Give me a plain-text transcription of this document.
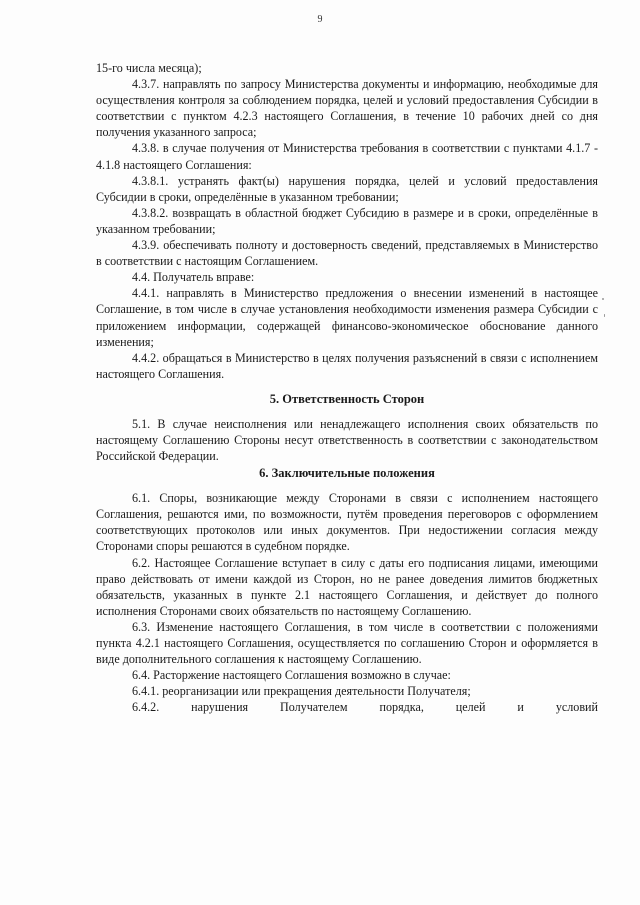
9

15-го числа месяца);

4.3.7. направлять по запросу Министерства документы и информацию, необходимые для осуществления контроля за соблюдением порядка, целей и условий предоставления Субсидии в соответствии с пунктом 4.2.3 настоящего Соглашения, в течение 10 рабочих дней со дня получения указанного запроса;

4.3.8. в случае получения от Министерства требования в соответствии с пунктами 4.1.7 - 4.1.8 настоящего Соглашения:

4.3.8.1. устранять факт(ы) нарушения порядка, целей и условий предоставления Субсидии в сроки, определённые в указанном требовании;

4.3.8.2. возвращать в областной бюджет Субсидию в размере и в сроки, определённые в указанном требовании;

4.3.9. обеспечивать полноту и достоверность сведений, представляемых в Министерство в соответствии с настоящим Соглашением.

4.4. Получатель вправе:

4.4.1. направлять в Министерство предложения о внесении изменений в настоящее Соглашение, в том числе в случае установления необходимости изменения размера Субсидии с приложением информации, содержащей финансово-экономическое обоснование данного изменения;

4.4.2. обращаться в Министерство в целях получения разъяснений в связи с исполнением настоящего Соглашения.

5. Ответственность Сторон

5.1. В случае неисполнения или ненадлежащего исполнения своих обязательств по настоящему Соглашению Стороны несут ответственность в соответствии с законодательством Российской Федерации.

6. Заключительные положения

6.1. Споры, возникающие между Сторонами в связи с исполнением настоящего Соглашения, решаются ими, по возможности, путём проведения переговоров с оформлением соответствующих протоколов или иных документов. При недостижении согласия между Сторонами споры решаются в судебном порядке.

6.2. Настоящее Соглашение вступает в силу с даты его подписания лицами, имеющими право действовать от имени каждой из Сторон, но не ранее доведения лимитов бюджетных обязательств, указанных в пункте 2.1 настоящего Соглашения, и действует до полного исполнения Сторонами своих обязательств по настоящему Соглашению.

6.3. Изменение настоящего Соглашения, в том числе в соответствии с положениями пункта 4.2.1 настоящего Соглашения, осуществляется по соглашению Сторон и оформляется в виде дополнительного соглашения к настоящему Соглашению.

6.4. Расторжение настоящего Соглашения возможно в случае:

6.4.1. реорганизации или прекращения деятельности Получателя;

6.4.2. нарушения Получателем порядка, целей и условий
